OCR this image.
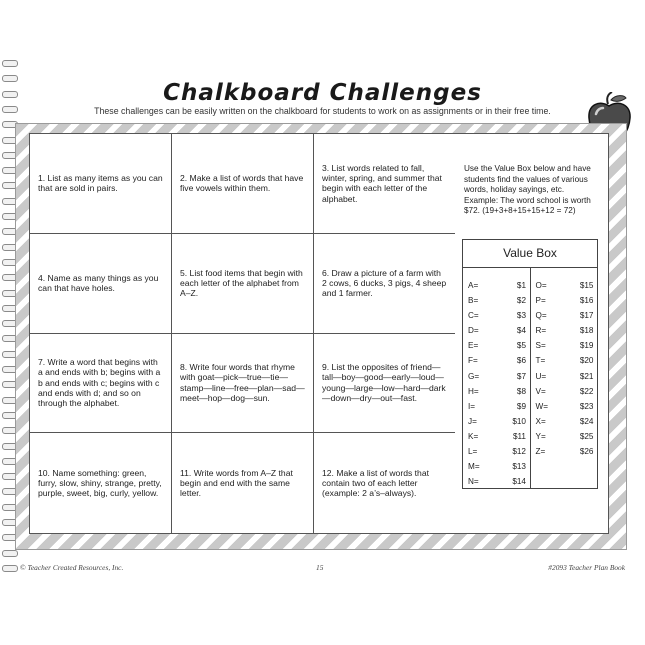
Chalkboard Challenges
These challenges can be easily written on the chalkboard for students to work on as assignments or in their free time.
1. List as many items as you can that are sold in pairs.
2. Make a list of words that have five vowels within them.
3. List words related to fall, winter, spring, and summer that begin with each letter of the alphabet.
4. Name as many things as you can that have holes.
5. List food items that begin with each letter of the alphabet from A–Z.
6. Draw a picture of a farm with 2 cows, 6 ducks, 3 pigs, 4 sheep and 1 farmer.
7. Write a word that begins with a and ends with b; begins with a b and ends with c; begins with c and ends with d; and so on through the alphabet.
8. Write four words that rhyme with goat—pick—true—tie—stamp—line—free—plan—sad—meet—hop—dog—sun.
9. List the opposites of friend—tall—boy—good—early—loud—young—large—low—hard—dark—down—dry—out—fast.
10. Name something: green, furry, slow, shiny, strange, pretty, purple, sweet, big, curly, yellow.
11. Write words from A–Z that begin and end with the same letter.
12. Make a list of words that contain two of each letter (example: 2 a’s–always).
Use the Value Box below and have students find the values of various words, holiday sayings, etc. Example: The word school is worth $72. (19+3+8+15+15+12 = 72)
Value Box
A=	$1
B=	$2
C=	$3
D=	$4
E=	$5
F=	$6
G=	$7
H=	$8
I=	$9
J=	$10
K=	$11
L=	$12
M=	$13
N=	$14
O=	$15
P=	$16
Q=	$17
R=	$18
S=	$19
T=	$20
U=	$21
V=	$22
W=	$23
X=	$24
Y=	$25
Z=	$26
© Teacher Created Resources, Inc.	15	#2093 Teacher Plan Book
